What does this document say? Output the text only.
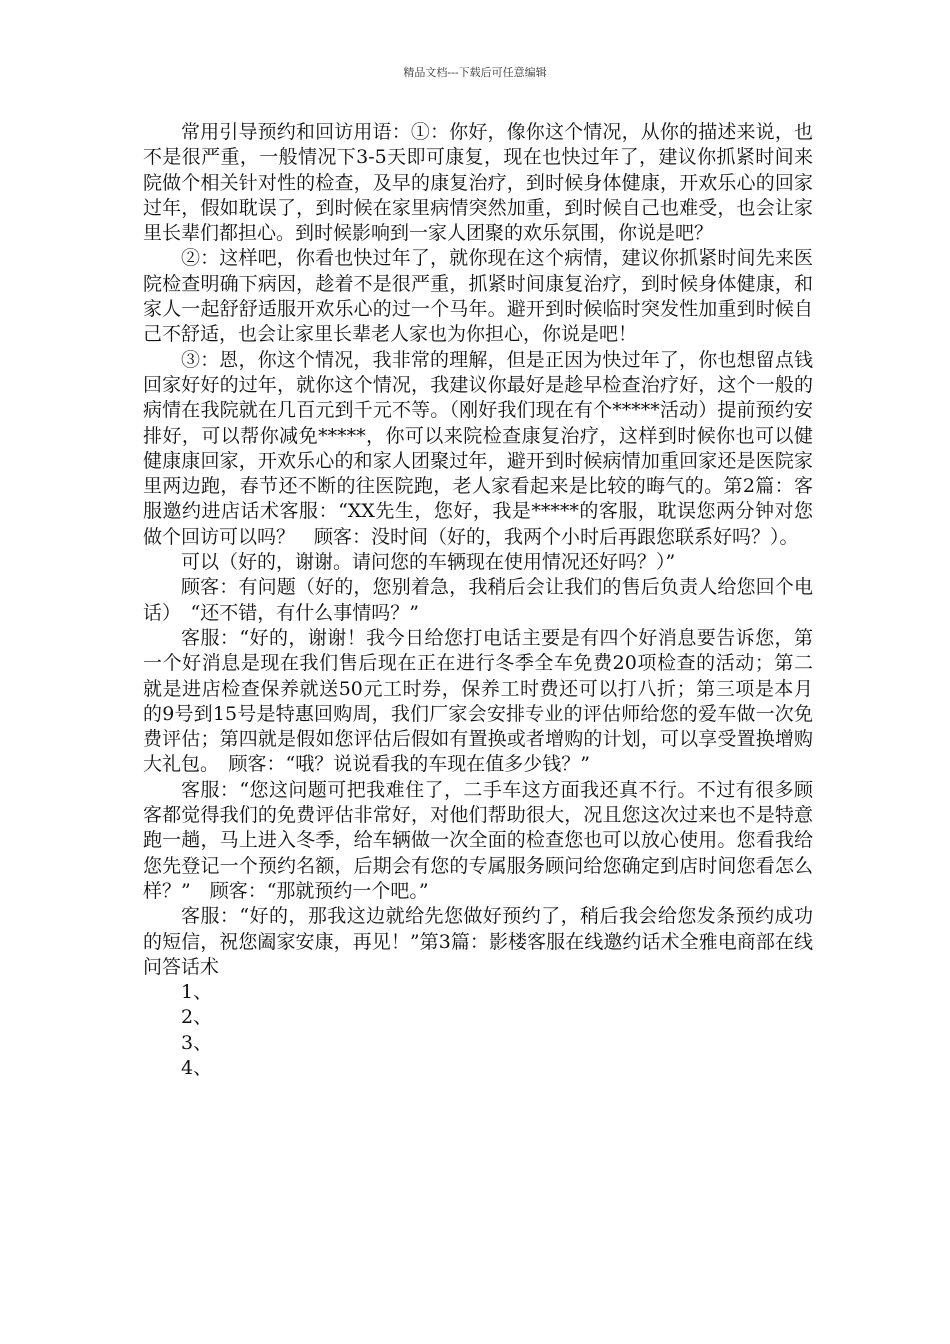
精品文档---下载后可任意编辑

常用引导预约和回访用语：①：你好，像你这个情况，从你的描述来说，也不是很严重，一般情况下3-5天即可康复，现在也快过年了，建议你抓紧时间来院做个相关针对性的检查，及早的康复治疗，到时候身体健康，开欢乐心的回家过年，假如耽误了，到时候在家里病情突然加重，到时候自己也难受，也会让家里长辈们都担心。到时候影响到一家人团聚的欢乐氛围，你说是吧？

②：这样吧，你看也快过年了，就你现在这个病情，建议你抓紧时间先来医院检查明确下病因，趁着不是很严重，抓紧时间康复治疗，到时候身体健康，和家人一起舒舒适服开欢乐心的过一个马年。避开到时候临时突发性加重到时候自己不舒适，也会让家里长辈老人家也为你担心，你说是吧！

③：恩，你这个情况，我非常的理解，但是正因为快过年了，你也想留点钱回家好好的过年，就你这个情况，我建议你最好是趁早检查治疗好，这个一般的病情在我院就在几百元到千元不等。（刚好我们现在有个*****活动）提前预约安排好，可以帮你减免*****，你可以来院检查康复治疗，这样到时候你也可以健健康康回家，开欢乐心的和家人团聚过年，避开到时候病情加重回家还是医院家里两边跑，春节还不断的往医院跑，老人家看起来是比较的晦气的。第2篇：客服邀约进店话术客服：“XX先生，您好，我是*****的客服，耽误您两分钟对您做个回访可以吗？　顾客：没时间（好的，我两个小时后再跟您联系好吗？）。

可以（好的，谢谢。请问您的车辆现在使用情况还好吗？）”

顾客：有问题（好的，您别着急，我稍后会让我们的售后负责人给您回个电话）　“还不错，有什么事情吗？”

客服：“好的，谢谢！我今日给您打电话主要是有四个好消息要告诉您，第一个好消息是现在我们售后现在正在进行冬季全车免费20项检查的活动；第二就是进店检查保养就送50元工时券，保养工时费还可以打八折；第三项是本月的9号到15号是特惠回购周，我们厂家会安排专业的评估师给您的爱车做一次免费评估；第四就是假如您评估后假如有置换或者增购的计划，可以享受置换增购大礼包。　顾客：“哦？说说看我的车现在值多少钱？”

客服：“您这问题可把我难住了，二手车这方面我还真不行。不过有很多顾客都觉得我们的免费评估非常好，对他们帮助很大，况且您这次过来也不是特意跑一趟，马上进入冬季，给车辆做一次全面的检查您也可以放心使用。您看我给您先登记一个预约名额，后期会有您的专属服务顾问给您确定到店时间您看怎么样？”　顾客：“那就预约一个吧。”

客服：“好的，那我这边就给先您做好预约了，稍后我会给您发条预约成功的短信，祝您阖家安康，再见！”第3篇：影楼客服在线邀约话术全雅电商部在线问答话术

1、

2、

3、

4、
